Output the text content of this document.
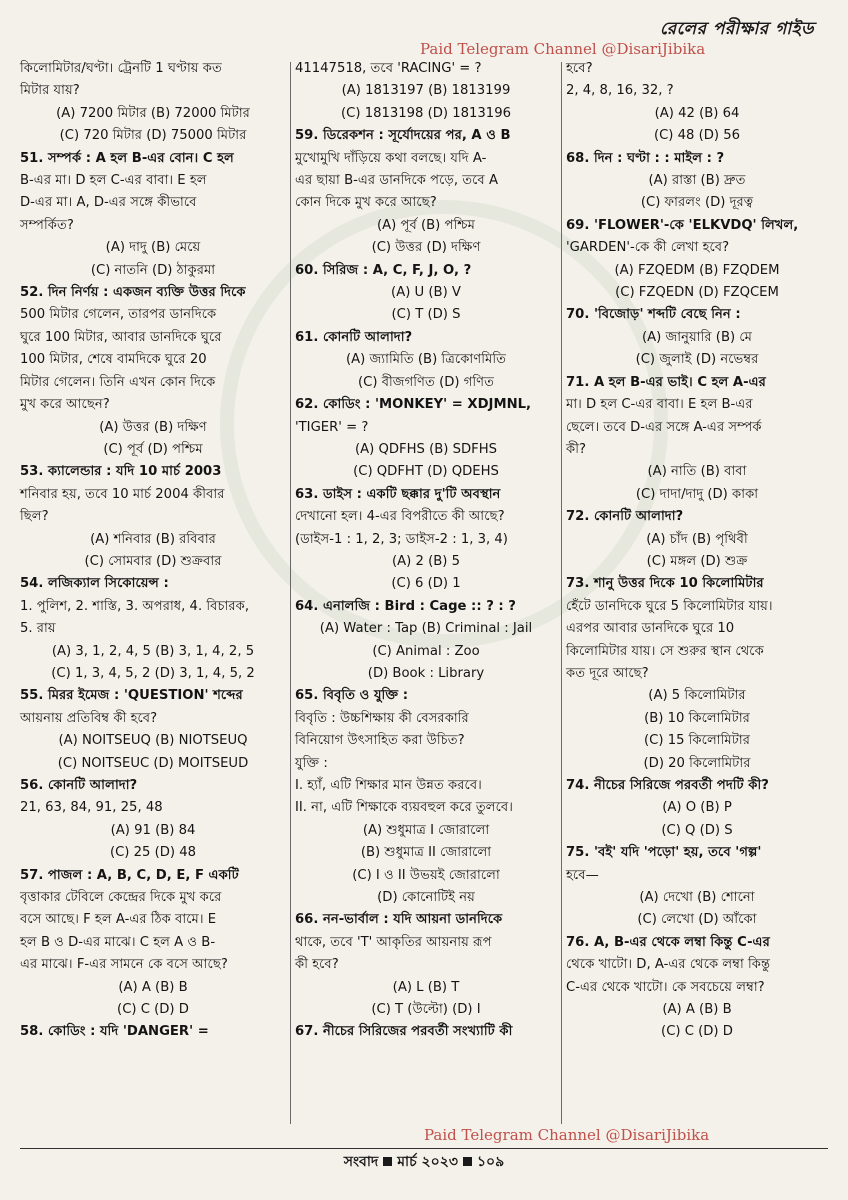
রেলের পরীক্ষার গাইড
Paid Telegram Channel @DisariJibika
কিলোমিটার/ঘণ্টা। ট্রেনটি 1 ঘণ্টায় কত
মিটার যায়?
(A) 7200 মিটার (B) 72000 মিটার
(C) 720 মিটার (D) 75000 মিটার
51. সম্পর্ক : A হল B-এর বোন। C হল
B-এর মা। D হল C-এর বাবা। E হল
D-এর মা। A, D-এর সঙ্গে কীভাবে
সম্পর্কিত?
(A) দাদু (B) মেয়ে
(C) নাতনি (D) ঠাকুরমা
52. দিন নির্ণয় : একজন ব্যক্তি উত্তর দিকে
500 মিটার গেলেন, তারপর ডানদিকে
ঘুরে 100 মিটার, আবার ডানদিকে ঘুরে
100 মিটার, শেষে বামদিকে ঘুরে 20
মিটার গেলেন। তিনি এখন কোন দিকে
মুখ করে আছেন?
(A) উত্তর (B) দক্ষিণ
(C) পূর্ব (D) পশ্চিম
53. ক্যালেন্ডার : যদি 10 মার্চ 2003
শনিবার হয়, তবে 10 মার্চ 2004 কীবার
ছিল?
(A) শনিবার (B) রবিবার
(C) সোমবার (D) শুক্রবার
54. লজিক্যাল সিকোয়েন্স :
1. পুলিশ, 2. শাস্তি, 3. অপরাধ, 4. বিচারক,
5. রায়
(A) 3, 1, 2, 4, 5 (B) 3, 1, 4, 2, 5
(C) 1, 3, 4, 5, 2 (D) 3, 1, 4, 5, 2
55. মিরর ইমেজ : 'QUESTION' শব্দের
আয়নায় প্রতিবিম্ব কী হবে?
(A) NOITSEUQ (B) NIOTSEUQ
(C) NOITSEUC (D) MOITSEUD
56. কোনটি আলাদা?
21, 63, 84, 91, 25, 48
(A) 91 (B) 84
(C) 25 (D) 48
57. পাজল : A, B, C, D, E, F একটি
বৃত্তাকার টেবিলে কেন্দ্রের দিকে মুখ করে
বসে আছে। F হল A-এর ঠিক বামে। E
হল B ও D-এর মাঝে। C হল A ও B-
এর মাঝে। F-এর সামনে কে বসে আছে?
(A) A (B) B
(C) C (D) D
58. কোডিং : যদি 'DANGER' =
41147518, তবে 'RACING' = ?
(A) 1813197 (B) 1813199
(C) 1813198 (D) 1813196
59. ডিরেকশন : সূর্যোদয়ের পর, A ও B
মুখোমুখি দাঁড়িয়ে কথা বলছে। যদি A-
এর ছায়া B-এর ডানদিকে পড়ে, তবে A
কোন দিকে মুখ করে আছে?
(A) পূর্ব (B) পশ্চিম
(C) উত্তর (D) দক্ষিণ
60. সিরিজ : A, C, F, J, O, ?
(A) U (B) V
(C) T (D) S
61. কোনটি আলাদা?
(A) জ্যামিতি (B) ত্রিকোণমিতি
(C) বীজগণিত (D) গণিত
62. কোডিং : 'MONKEY' = XDJMNL,
'TIGER' = ?
(A) QDFHS (B) SDFHS
(C) QDFHT (D) QDEHS
63. ডাইস : একটি ছক্কার দু'টি অবস্থান
দেখানো হল। 4-এর বিপরীতে কী আছে?
(ডাইস-1 : 1, 2, 3; ডাইস-2 : 1, 3, 4)
(A) 2 (B) 5
(C) 6 (D) 1
64. এনালজি : Bird : Cage :: ? : ?
(A) Water : Tap (B) Criminal : Jail
(C) Animal : Zoo
(D) Book : Library
65. বিবৃতি ও যুক্তি :
বিবৃতি : উচ্চশিক্ষায় কী বেসরকারি
বিনিয়োগ উৎসাহিত করা উচিত?
যুক্তি :
I. হ্যাঁ, এটি শিক্ষার মান উন্নত করবে।
II. না, এটি শিক্ষাকে ব্যয়বহুল করে তুলবে।
(A) শুধুমাত্র I জোরালো
(B) শুধুমাত্র II জোরালো
(C) I ও II উভয়ই জোরালো
(D) কোনোটিই নয়
66. নন-ভার্বাল : যদি আয়না ডানদিকে
থাকে, তবে 'T' আকৃতির আয়নায় রূপ
কী হবে?
(A) L (B) T
(C) T (উল্টো) (D) I
67. নীচের সিরিজের পরবর্তী সংখ্যাটি কী
হবে?
2, 4, 8, 16, 32, ?
(A) 42 (B) 64
(C) 48 (D) 56
68. দিন : ঘণ্টা : : মাইল : ?
(A) রাস্তা (B) দ্রুত
(C) ফারলং (D) দূরত্ব
69. 'FLOWER'-কে 'ELKVDQ' লিখল,
'GARDEN'-কে কী লেখা হবে?
(A) FZQEDM (B) FZQDEM
(C) FZQEDN (D) FZQCEM
70. 'বিজোড়' শব্দটি বেছে নিন :
(A) জানুয়ারি (B) মে
(C) জুলাই (D) নভেম্বর
71. A হল B-এর ভাই। C হল A-এর
মা। D হল C-এর বাবা। E হল B-এর
ছেলে। তবে D-এর সঙ্গে A-এর সম্পর্ক
কী?
(A) নাতি (B) বাবা
(C) দাদা/দাদু (D) কাকা
72. কোনটি আলাদা?
(A) চাঁদ (B) পৃথিবী
(C) মঙ্গল (D) শুক্র
73. শানু উত্তর দিকে 10 কিলোমিটার
হেঁটে ডানদিকে ঘুরে 5 কিলোমিটার যায়।
এরপর আবার ডানদিকে ঘুরে 10
কিলোমিটার যায়। সে শুরুর স্থান থেকে
কত দূরে আছে?
(A) 5 কিলোমিটার
(B) 10 কিলোমিটার
(C) 15 কিলোমিটার
(D) 20 কিলোমিটার
74. নীচের সিরিজে পরবর্তী পদটি কী?
(A) O (B) P
(C) Q (D) S
75. 'বই' যদি 'পড়ো' হয়, তবে 'গল্প'
হবে—
(A) দেখো (B) শোনো
(C) লেখো (D) আঁকো
76. A, B-এর থেকে লম্বা কিন্তু C-এর
থেকে খাটো। D, A-এর থেকে লম্বা কিন্তু
C-এর থেকে খাটো। কে সবচেয়ে লম্বা?
(A) A (B) B
(C) C (D) D
Paid Telegram Channel @DisariJibika
সংবাদ মার্চ ২০২৩ ১০৯
